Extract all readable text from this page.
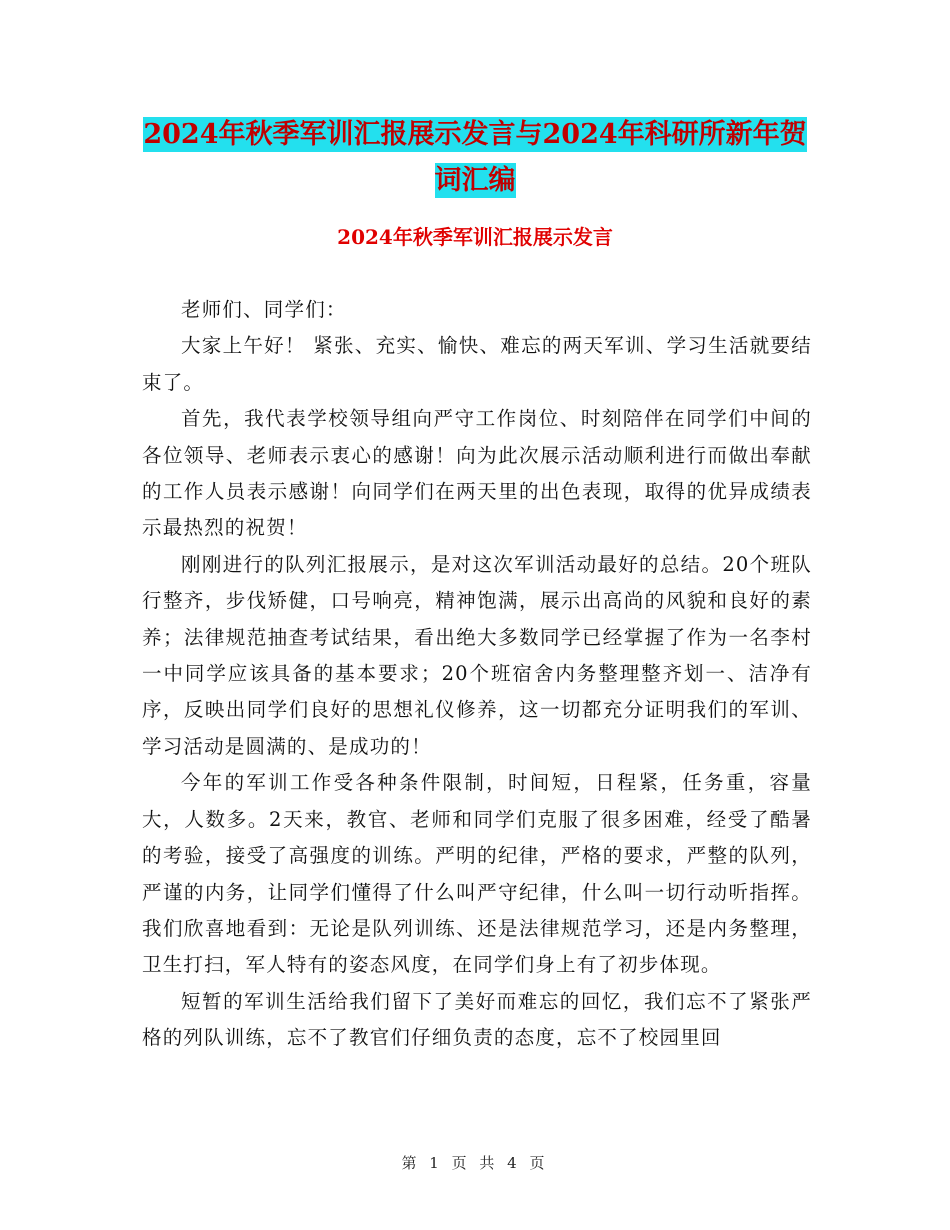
2024年秋季军训汇报展示发言与2024年科研所新年贺词汇编
2024年秋季军训汇报展示发言

老师们、同学们：

大家上午好！ 紧张、充实、愉快、难忘的两天军训、学习生活就要结束了。

首先，我代表学校领导组向严守工作岗位、时刻陪伴在同学们中间的各位领导、老师表示衷心的感谢！向为此次展示活动顺利进行而做出奉献的工作人员表示感谢！向同学们在两天里的出色表现，取得的优异成绩表示最热烈的祝贺！

刚刚进行的队列汇报展示，是对这次军训活动最好的总结。20个班队行整齐，步伐矫健，口号响亮，精神饱满，展示出高尚的风貌和良好的素养；法律规范抽查考试结果，看出绝大多数同学已经掌握了作为一名李村一中同学应该具备的基本要求；20个班宿舍内务整理整齐划一、洁净有序，反映出同学们良好的思想礼仪修养，这一切都充分证明我们的军训、学习活动是圆满的、是成功的！

今年的军训工作受各种条件限制，时间短，日程紧，任务重，容量大，人数多。2天来，教官、老师和同学们克服了很多困难，经受了酷暑的考验，接受了高强度的训练。严明的纪律，严格的要求，严整的队列，严谨的内务，让同学们懂得了什么叫严守纪律，什么叫一切行动听指挥。我们欣喜地看到：无论是队列训练、还是法律规范学习，还是内务整理，卫生打扫，军人特有的姿态风度，在同学们身上有了初步体现。

短暂的军训生活给我们留下了美好而难忘的回忆，我们忘不了紧张严格的列队训练，忘不了教官们仔细负责的态度，忘不了校园里回

第 1 页 共 4 页
